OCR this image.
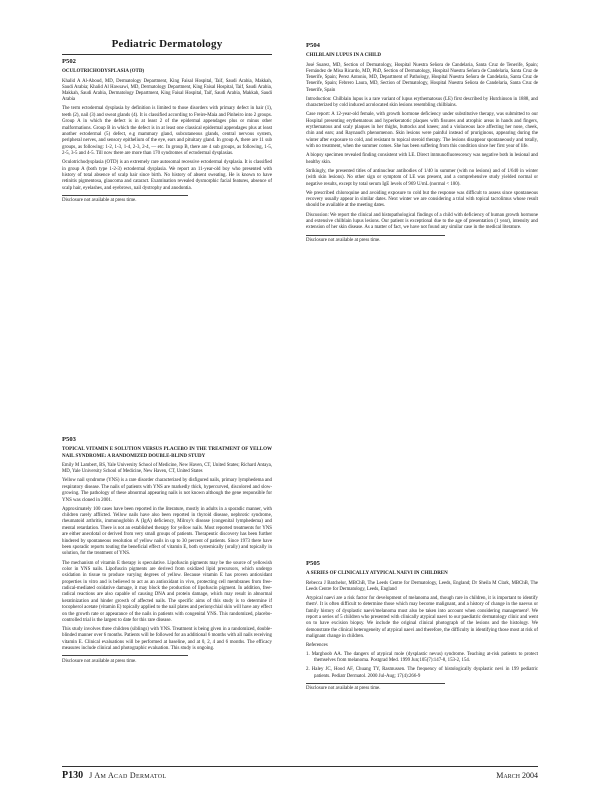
Pediatric Dermatology

P502

OCULOTRICHODYSPLASIA (OTD)

Khalid A Al-Aboud, MD, Dermatology Department, King Faisal Hospital, Taif, Saudi Arabia, Makkah, Saudi Arabia; Khalid Al Hawsawi, MD, Dermatology Department, King Faisal Hospital, Taif, Saudi Arabia, Makkah, Saudi Arabia, Dermatology Department, King Faisal Hospital, Taif, Saudi Arabia, Makkah, Saudi Arabia

The term ectodermal dysplasia by definition is limited to those disorders with primary defect in hair (1), teeth (2), nail (3) and sweat glands (4). It is classified according to Freire-Maia and Pinheiro into 2 groups. Group A in which the defect is in at least 2 of the epidermal appendages plus or minus other malformations. Group B in which the defect is in at least one classical epidermal appendages plus at least another ectodermal (5) defect, e.g mammary gland, subcutaneous glands, central nervous system, peripheral nerves, and sensory epithelium of the eye, ears and pituitary gland. In group A, there are 11 sub groups, as following: 1-2, 1-3, 1-4, 2-3, 2-4, — etc. In group B, there are 4 sub groups, as following, 1-5, 2-5, 3-5 and 4-5. Till now there are more than 170 syndromes of ectodermal dysplasias.

Oculotrichodysplasia (OTD) is an extremely rare autosomal recessive ectodermal dysplasia. It is classified in group A (both type 1-2-3) ectodermal dysplasia. We report an 11-year-old boy who presented with history of total absence of scalp hair since birth. No history of absent sweating. He is known to have retinitis pigmentosa, glaucoma and cataract. Examination revealed dysmorphic facial features, absence of scalp hair, eyelashes, and eyebrows, nail dystrophy and anodontia.

Disclosure not available at press time.

P503

TOPICAL VITAMIN E SOLUTION VERSUS PLACEBO IN THE TREATMENT OF YELLOW NAIL SYNDROME: A RANDOMIZED DOUBLE-BLIND STUDY

Emily M Lambert, BS, Yale University School of Medicine, New Haven, CT, United States; Richard Antaya, MD, Yale University School of Medicine, New Haven, CT, United States

Yellow nail syndrome (YNS) is a rare disorder characterized by disfigured nails, primary lymphedema and respiratory disease. The nails of patients with YNS are markedly thick, hypercurved, discolored and slow-growing. The pathology of these abnormal appearing nails is not known although the gene responsible for YNS was cloned in 2001.

Approximately 100 cases have been reported in the literature, mostly in adults in a sporadic manner, with children rarely afflicted. Yellow nails have also been reported in thyroid disease, nephrotic syndrome, rheumatoid arthritis, immunoglobin A (IgA) deficiency, Milroy's disease (congenital lymphedema) and mental retardation. There is not an established therapy for yellow nails. Most reported treatments for YNS are either anecdotal or derived from very small groups of patients. Therapeutic discovery has been further hindered by spontaneous resolution of yellow nails in up to 30 percent of patients. Since 1973 there have been sporadic reports touting the beneficial effect of vitamin E, both systemically (orally) and topically in solution, for the treatment of YNS.

The mechanism of vitamin E therapy is speculative. Lipofuscin pigments may be the source of yellowish color in YNS nails. Lipofuscin pigments are derived from oxidized lipid precursors, which undergo oxidation in tissue to produce varying degrees of yellow. Because vitamin E has proven antioxidant properties in vitro and is believed to act as an antioxidant in vivo, protecting cell membranes from free-radical-mediated oxidative damage, it may block the production of lipofuscin pigment. In addition, free-radical reactions are also capable of causing DNA and protein damage, which may result in abnormal keratinization and hinder growth of affected nails. The specific aims of this study is to determine if tocopherol acetate (vitamin E) topically applied to the nail plates and perionychial skin will have any effect on the growth rate or appearance of the nails in patients with congenital YNS. This randomized, placebo-controlled trial is the largest to date for this rare disease.

This study involves three children (siblings) with YNS. Treatment is being given in a randomized, double-blinded manner over 6 months. Patients will be followed for an additional 6 months with all nails receiving vitamin E. Clinical evaluations will be performed at baseline, and at 0, 2, 4 and 6 months. The efficacy measures include clinical and photographic evaluation. This study is ongoing.

Disclosure not available at press time.

P504

CHILBLAIN LUPUS IN A CHILD

José Suarez, MD, Section of Dermatology, Hospital Nuestra Señora de Candelaria, Santa Cruz de Tenerife, Spain; Fernández de Misa Ricardo, MD, PhD, Section of Dermatology, Hospital Nuestra Señora de Candelaria, Santa Cruz de Tenerife, Spain; Perez Antonio, MD, Department of Pathology, Hospital Nuestra Señora de Candelaria, Santa Cruz de Tenerife, Spain; Febrero Laura, MD, Section of Dermatology, Hospital Nuestra Señora de Candelaria, Santa Cruz de Tenerife, Spain

Introduction: Chilblain lupus is a rare variant of lupus erythematosus (LE) first described by Hutchinson in 1888, and characterized by cold induced acrolocated skin lesions resembling chilblains.

Case report: A 12-year-old female, with growth hormone deficiency under substitutive therapy, was submitted to our Hospital presenting erythematous and hyperkeratotic plaques with fissures and atrophic areas in hands and fingers, erythematous and scaly plaques in her thighs, buttocks and knees; and a violaceous lace affecting her nose, cheek, chin and ears; and Raynaud's phenomenon. Skin lesions were painful instead of pruriginous, appearing during the winter after exposure to cold, and resistant to topical steroid therapy. The lesions disappear spontaneously and totally, with no treatment, when the summer comes. She has been suffering from this condition since her first year of life.

A biopsy specimen revealed finding consistent with LE. Direct immunofluorescency was negative both in lesional and healthy skin.

Strikingly, the presented titles of antinuclear antibodies of 1/40 in summer (with no lesions) and of 1/640 in winter (with skin lesions). No other sign or symptom of LE was present, and a comprehensive study yielded normal or negative results, except by total serum IgE levels of 969 U/mL (normal < 100).

We prescribed chloroquine and avoiding exposure to cold but the response was difficult to assess since spontaneous recovery usually appear in similar dates. Next winter we are considering a trial with topical tacrolimus whose result should be available at the meeting dates.

Discussion: We report the clinical and histopathological findings of a child with deficiency of human growth hormone and extensive chilblain lupus lesions. Our patient is exceptional due to the age of presentation (1 year), intensity and extension of her skin disease. As a matter of fact, we have not found any similar case in the medical literature.

Disclosure not available at press time.

P505

A SERIES OF CLINICALLY ATYPICAL NAEVI IN CHILDREN

Rebecca J Batchelor, MBChB, The Leeds Centre for Dermatology, Leeds, England; Dr Sheila M Clark, MBChB, The Leeds Centre for Dermatology, Leeds, England

Atypical naevi are a risk factor for development of melanoma and, though rare in children, it is important to identify them¹. It is often difficult to determine those which may become malignant, and a history of change in the naevus or family history of dysplastic naevi/melanoma must also be taken into account when considering management². We report a series of 5 children who presented with clinically atypical naevi to our paediatric dermatology clinic and went on to have excision biopsy. We include the original clinical photograph of the lesions and the histology. We demonstrate the clinical heterogeneity of atypical naevi and therefore, the difficulty in identifying those most at risk of malignant change in children.

References

1. Marghoob AA. The dangers of atypical mole (dysplastic nevus) syndrome. Teaching at-risk patients to protect themselves from melanoma. Postgrad Med. 1999 Jun;105(7):147-8, 153-2, 154.

2. Haley JC, Hood AF, Chuang TY, Rasmussen. The frequency of histologically dysplastic nevi in 199 pediatric patients. Pediatr Dermatol. 2000 Jul-Aug; 17(4):266-9

Disclosure not available at press time.

P130 J Am Acad Dermatol	March 2004
